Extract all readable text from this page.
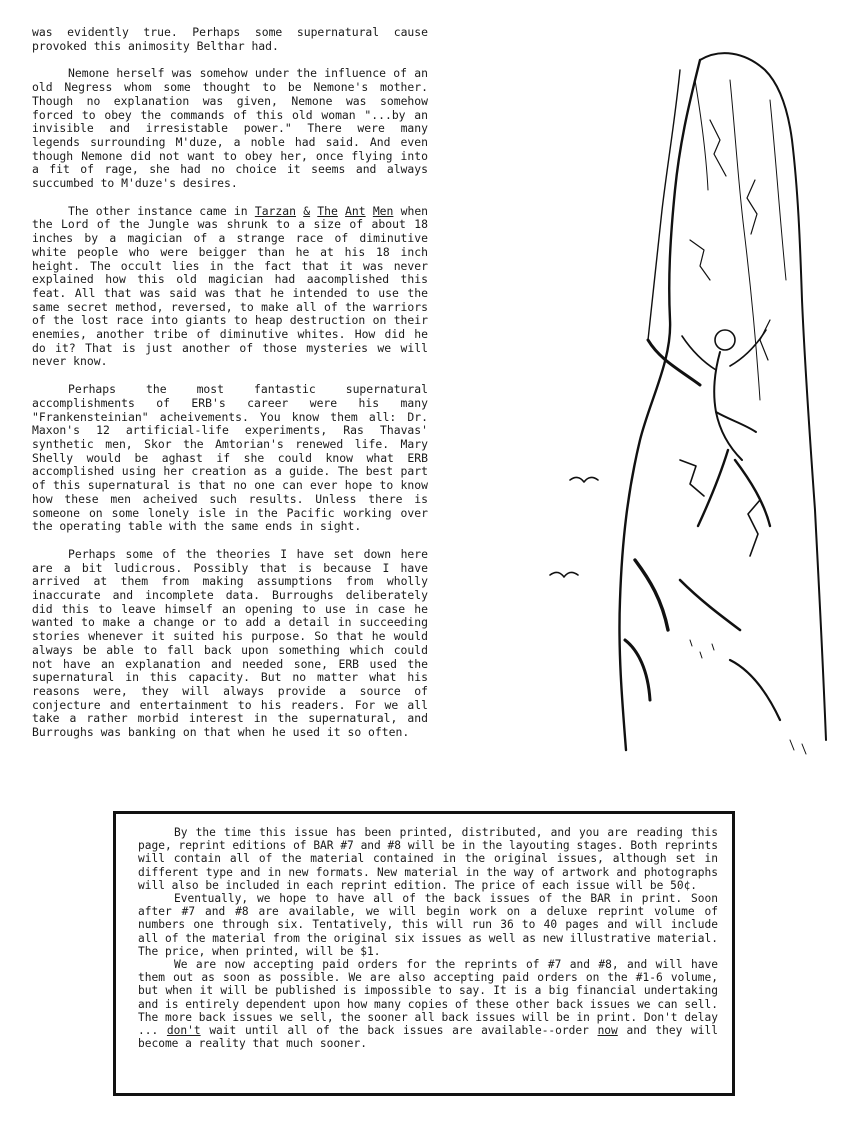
was evidently true. Perhaps some supernatural cause provoked this animosity Belthar had.

Nemone herself was somehow under the influence of an old Negress whom some thought to be Nemone's mother. Though no explanation was given, Nemone was somehow forced to obey the commands of this old woman "...by an invisible and irresistable power." There were many legends surrounding M'duze, a noble had said. And even though Nemone did not want to obey her, once flying into a fit of rage, she had no choice it seems and always succumbed to M'duze's desires.

The other instance came in Tarzan & The Ant Men when the Lord of the Jungle was shrunk to a size of about 18 inches by a magician of a strange race of diminutive white people who were beigger than he at his 18 inch height. The occult lies in the fact that it was never explained how this old magician had aacomplished this feat. All that was said was that he intended to use the same secret method, reversed, to make all of the warriors of the lost race into giants to heap destruction on their enemies, another tribe of diminutive whites. How did he do it? That is just another of those mysteries we will never know.

Perhaps the most fantastic supernatural accomplishments of ERB's career were his many "Frankensteinian" acheivements. You know them all: Dr. Maxon's 12 artificial-life experiments, Ras Thavas' synthetic men, Skor the Amtorian's renewed life. Mary Shelly would be aghast if she could know what ERB accomplished using her creation as a guide. The best part of this supernatural is that no one can ever hope to know how these men acheived such results. Unless there is someone on some lonely isle in the Pacific working over the operating table with the same ends in sight.

Perhaps some of the theories I have set down here are a bit ludicrous. Possibly that is because I have arrived at them from making assumptions from wholly inaccurate and incomplete data. Burroughs deliberately did this to leave himself an opening to use in case he wanted to make a change or to add a detail in succeeding stories whenever it suited his purpose. So that he would always be able to fall back upon something which could not have an explanation and needed sone, ERB used the supernatural in this capacity. But no matter what his reasons were, they will always provide a source of conjecture and entertainment to his readers. For we all take a rather morbid interest in the supernatural, and Burroughs was banking on that when he used it so often.

By the time this issue has been printed, distributed, and you are reading this page, reprint editions of BAR #7 and #8 will be in the layouting stages. Both reprints will contain all of the material contained in the original issues, although set in different type and in new formats. New material in the way of artwork and photographs will also be included in each reprint edition. The price of each issue will be 50¢.

Eventually, we hope to have all of the back issues of the BAR in print. Soon after #7 and #8 are available, we will begin work on a deluxe reprint volume of numbers one through six. Tentatively, this will run 36 to 40 pages and will include all of the material from the original six issues as well as new illustrative material. The price, when printed, will be $1.

We are now accepting paid orders for the reprints of #7 and #8, and will have them out as soon as possible. We are also accepting paid orders on the #1-6 volume, but when it will be published is impossible to say. It is a big financial undertaking and is entirely dependent upon how many copies of these other back issues we can sell. The more back issues we sell, the sooner all back issues will be in print. Don't delay ... don't wait until all of the back issues are available--order now and they will become a reality that much sooner.
